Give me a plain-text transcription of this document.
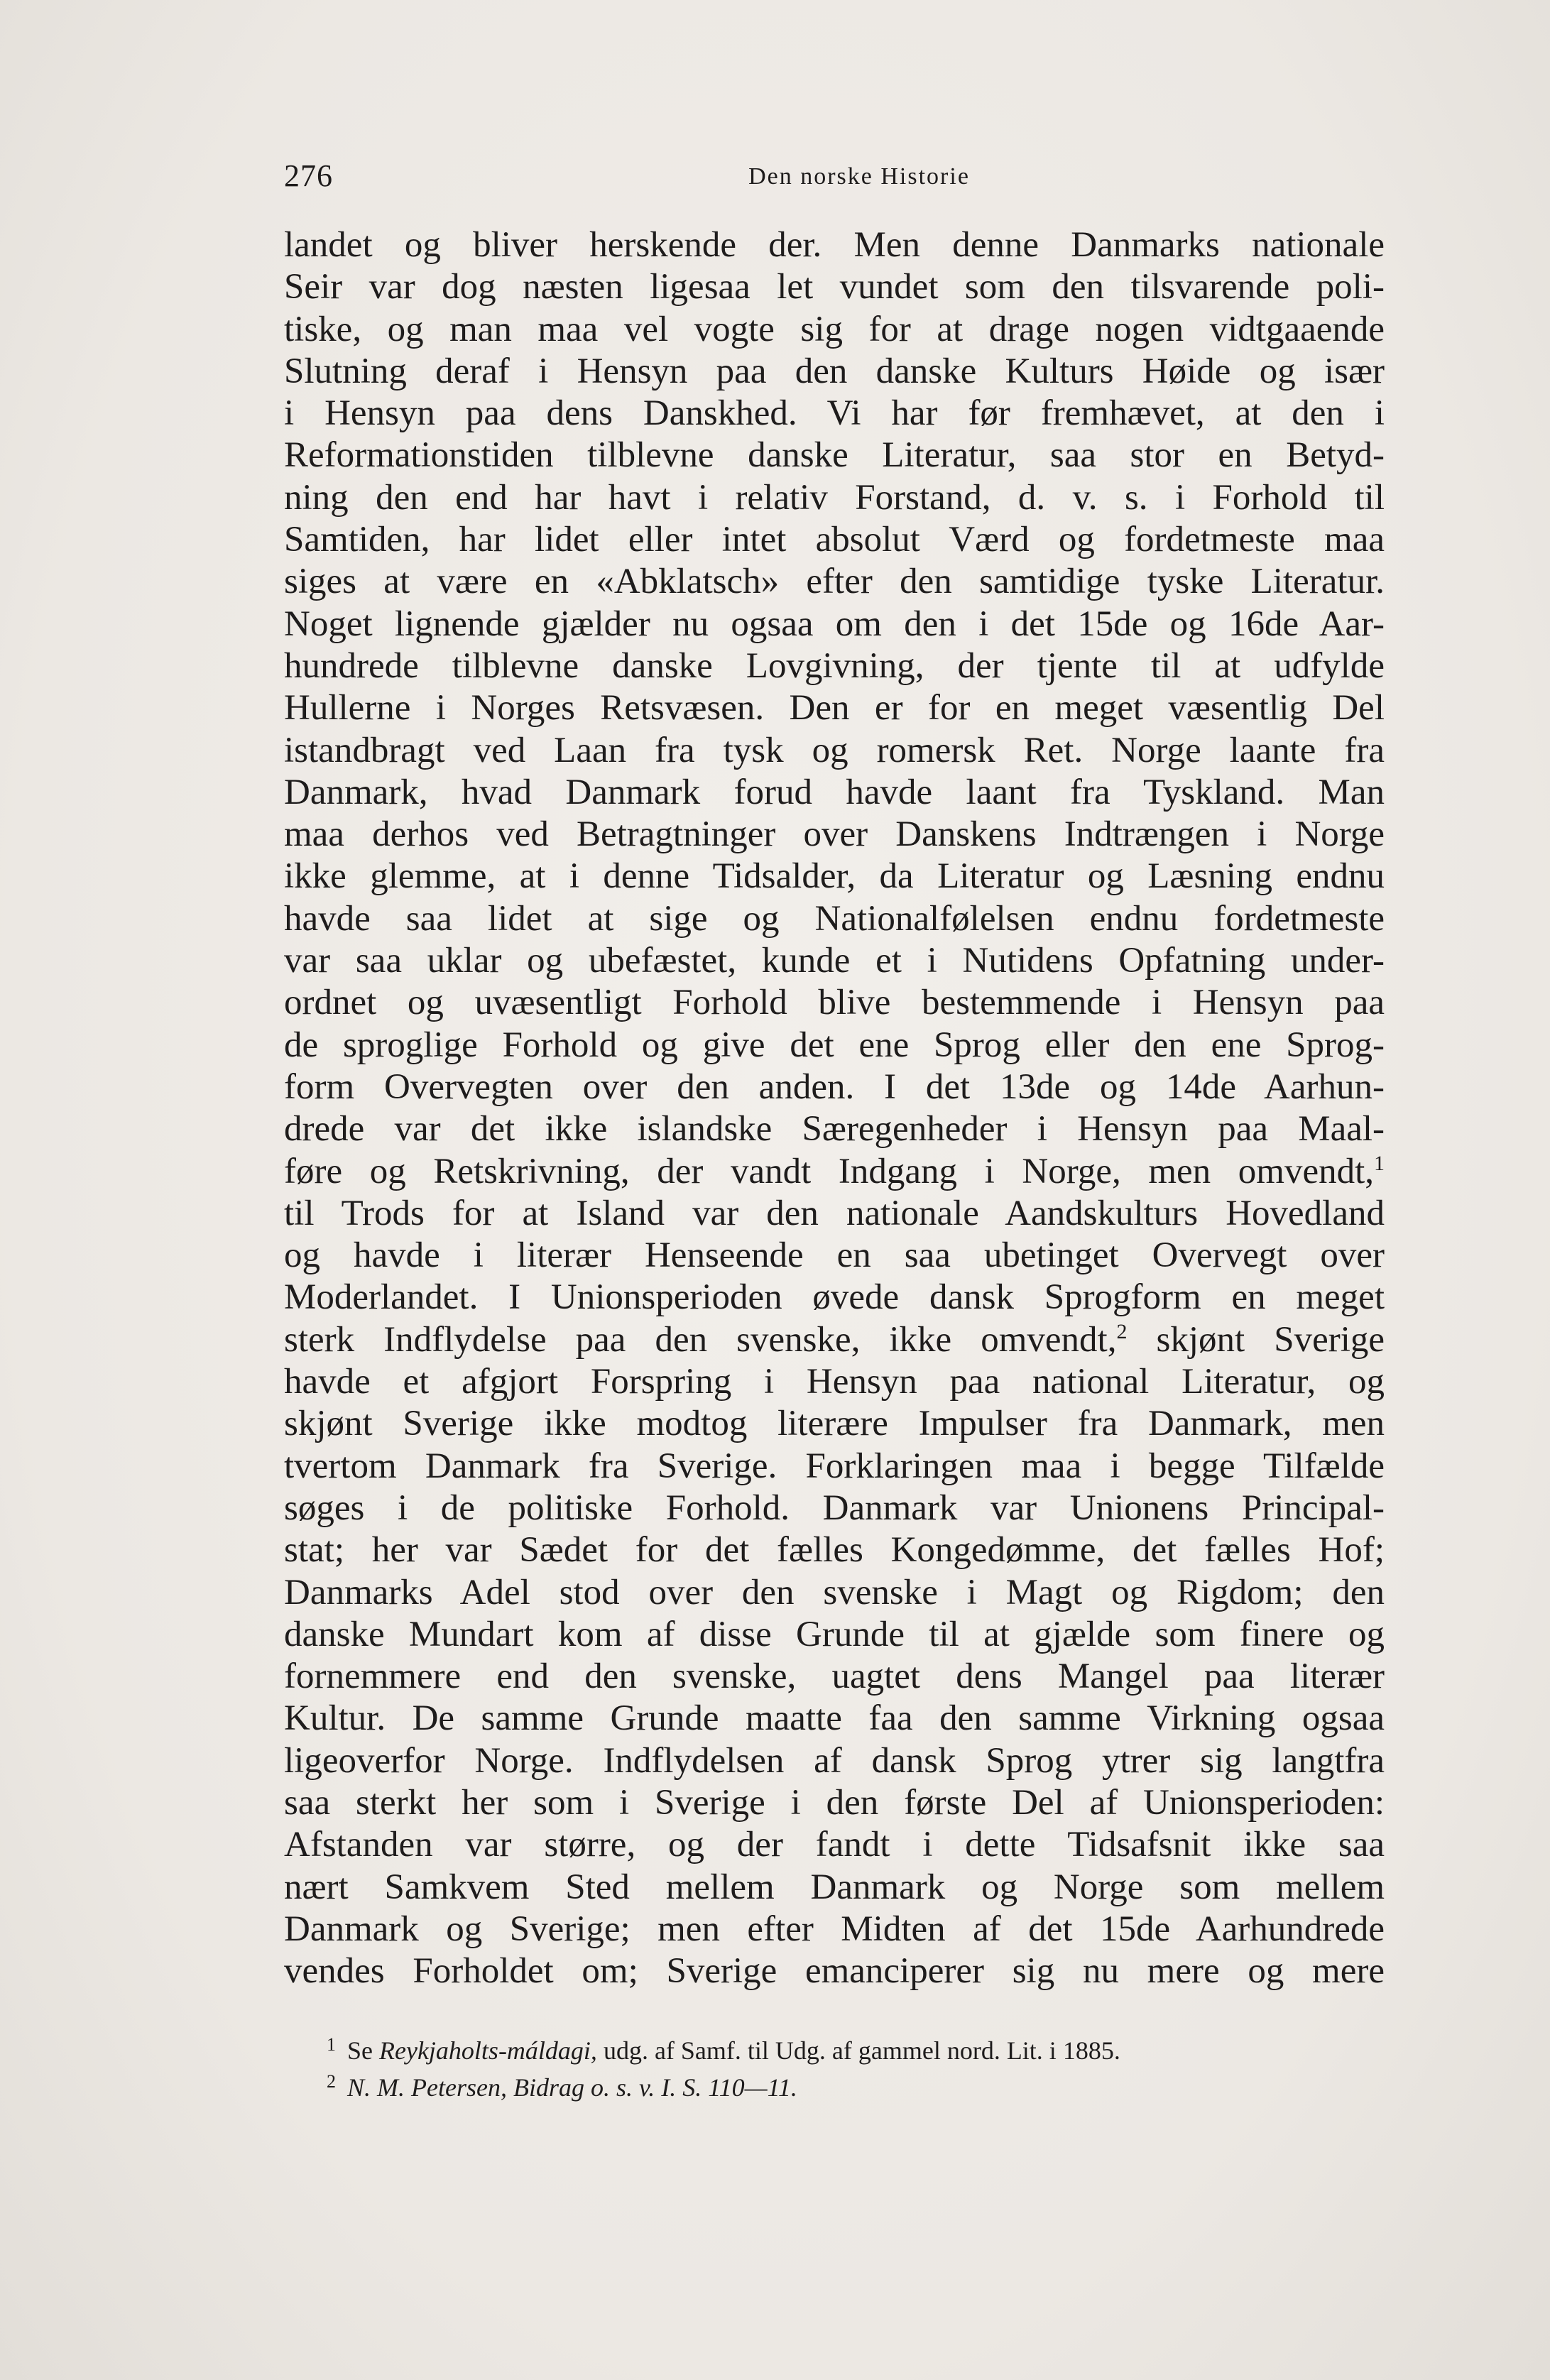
276	Den norske Historie
landet og bliver herskende der. Men denne Danmarks nationale
Seir var dog næsten ligesaa let vundet som den tilsvarende poli-
tiske, og man maa vel vogte sig for at drage nogen vidtgaaende
Slutning deraf i Hensyn paa den danske Kulturs Høide og især
i Hensyn paa dens Danskhed. Vi har før fremhævet, at den i
Reformationstiden tilblevne danske Literatur, saa stor en Betyd-
ning den end har havt i relativ Forstand, d. v. s. i Forhold til
Samtiden, har lidet eller intet absolut Værd og fordetmeste maa
siges at være en «Abklatsch» efter den samtidige tyske Literatur.
Noget lignende gjælder nu ogsaa om den i det 15de og 16de Aar-
hundrede tilblevne danske Lovgivning, der tjente til at udfylde
Hullerne i Norges Retsvæsen. Den er for en meget væsentlig Del
istandbragt ved Laan fra tysk og romersk Ret. Norge laante fra
Danmark, hvad Danmark forud havde laant fra Tyskland. Man
maa derhos ved Betragtninger over Danskens Indtrængen i Norge
ikke glemme, at i denne Tidsalder, da Literatur og Læsning endnu
havde saa lidet at sige og Nationalfølelsen endnu fordetmeste
var saa uklar og ubefæstet, kunde et i Nutidens Opfatning under-
ordnet og uvæsentligt Forhold blive bestemmende i Hensyn paa
de sproglige Forhold og give det ene Sprog eller den ene Sprog-
form Overvegten over den anden. I det 13de og 14de Aarhun-
drede var det ikke islandske Særegenheder i Hensyn paa Maal-
føre og Retskrivning, der vandt Indgang i Norge, men omvendt,$^1$
til Trods for at Island var den nationale Aandskulturs Hovedland
og havde i literær Henseende en saa ubetinget Overvegt over
Moderlandet. I Unionsperioden øvede dansk Sprogform en meget
sterk Indflydelse paa den svenske, ikke omvendt,$^2$ skjønt Sverige
havde et afgjort Forspring i Hensyn paa national Literatur, og
skjønt Sverige ikke modtog literære Impulser fra Danmark, men
tvertom Danmark fra Sverige. Forklaringen maa i begge Tilfælde
søges i de politiske Forhold. Danmark var Unionens Principal-
stat; her var Sædet for det fælles Kongedømme, det fælles Hof;
Danmarks Adel stod over den svenske i Magt og Rigdom; den
danske Mundart kom af disse Grunde til at gjælde som finere og
fornemmere end den svenske, uagtet dens Mangel paa literær
Kultur. De samme Grunde maatte faa den samme Virkning ogsaa
ligeoverfor Norge. Indflydelsen af dansk Sprog ytrer sig langtfra
saa sterkt her som i Sverige i den første Del af Unionsperioden:
Afstanden var større, og der fandt i dette Tidsafsnit ikke saa
nært Samkvem Sted mellem Danmark og Norge som mellem
Danmark og Sverige; men efter Midten af det 15de Aarhundrede
vendes Forholdet om; Sverige emanciperer sig nu mere og mere
$^1$ Se Reykjaholts-máldagi, udg. af Samf. til Udg. af gammel nord. Lit. i 1885.
$^2$ N. M. Petersen, Bidrag o. s. v. I. S. 110—11.
